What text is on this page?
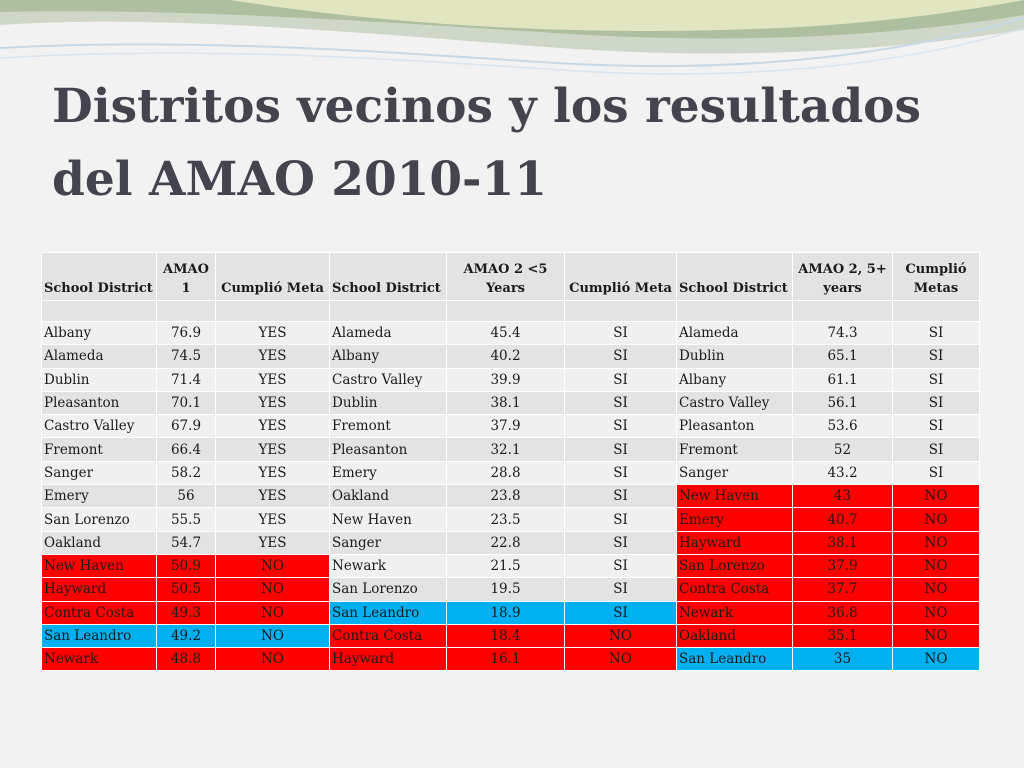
Distritos vecinos y los resultados del AMAO 2010-11
School District	AMAO 1	Cumplió Meta	School District	AMAO 2 <5 Years	Cumplió Meta	School District	AMAO 2, 5+ years	Cumplió Metas

Albany	76.9	YES	Alameda	45.4	SI	Alameda	74.3	SI
Alameda	74.5	YES	Albany	40.2	SI	Dublin	65.1	SI
Dublin	71.4	YES	Castro Valley	39.9	SI	Albany	61.1	SI
Pleasanton	70.1	YES	Dublin	38.1	SI	Castro Valley	56.1	SI
Castro Valley	67.9	YES	Fremont	37.9	SI	Pleasanton	53.6	SI
Fremont	66.4	YES	Pleasanton	32.1	SI	Fremont	52	SI
Sanger	58.2	YES	Emery	28.8	SI	Sanger	43.2	SI
Emery	56	YES	Oakland	23.8	SI	New Haven	43	NO
San Lorenzo	55.5	YES	New Haven	23.5	SI	Emery	40.7	NO
Oakland	54.7	YES	Sanger	22.8	SI	Hayward	38.1	NO
New Haven	50.9	NO	Newark	21.5	SI	San Lorenzo	37.9	NO
Hayward	50.5	NO	San Lorenzo	19.5	SI	Contra Costa	37.7	NO
Contra Costa	49.3	NO	San Leandro	18.9	SI	Newark	36.8	NO
San Leandro	49.2	NO	Contra Costa	18.4	NO	Oakland	35.1	NO
Newark	48.8	NO	Hayward	16.1	NO	San Leandro	35	NO
